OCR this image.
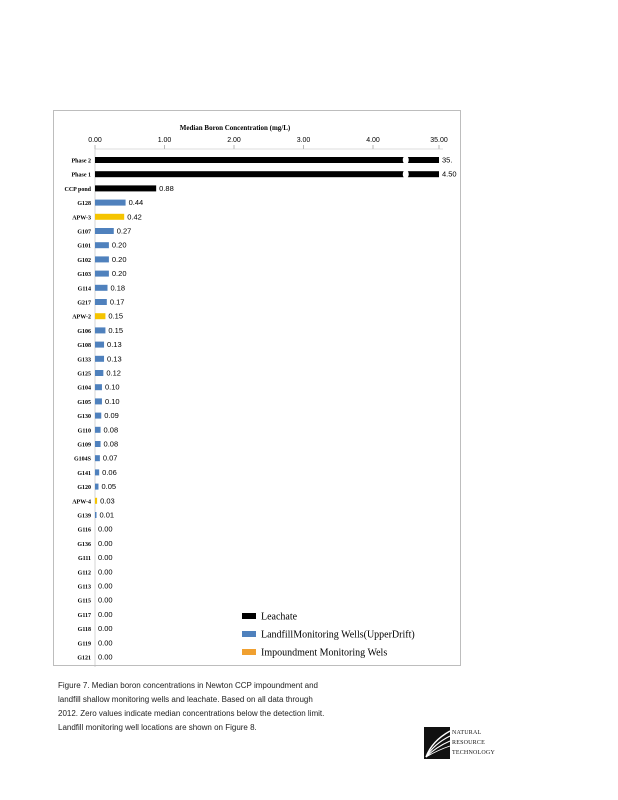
Median Boron Concentration (mg/L)
0.00	1.00	2.00	3.00	4.00	35.00
Phase 2	35.
Phase 1	4.50
CCP pond	0.88
G128	0.44
APW-3	0.42
G107	0.27
G101	0.20
G102	0.20
G103	0.20
G114	0.18
G217	0.17
APW-2 0.15
G106 0.15
G108 0.13
G133 0.13
G125 0.12
G104 0.10
G105 0.10
G130 0.09
G110 0.08
G109 0.08
G104S 0.07
G141 0.06
G120 0.05
APW-4 0.03
G139 0.01
G116 0.00
G136 0.00
G111 0.00
G112 0.00
G113 0.00
G115 0.00
G117 0.00
G118 0.00
G119 0.00
G121 0.00
Leachate
LandfillMonitoring Wells(UpperDrift)
Impoundment Monitoring Wels

Figure 7. Median boron concentrations in Newton CCP impoundment and

landfill shallow monitoring wells and leachate. Based on all data through

2012. Zero values indicate median concentrations below the detection limit.

Landfill monitoring well locations are shown on Figure 8.

NATURAL
RESOURCE
TECHNOLOGY
